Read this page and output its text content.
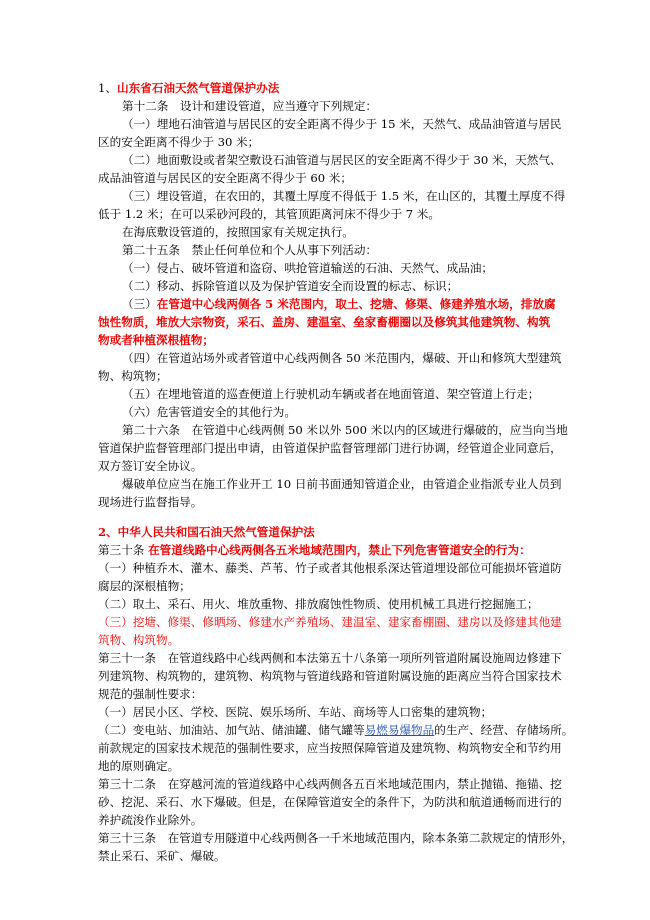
1、山东省石油天然气管道保护办法
第十二条　设计和建设管道，应当遵守下列规定：
（一）埋地石油管道与居民区的安全距离不得少于 15 米，天然气、成品油管道与居民
区的安全距离不得少于 30 米；
（二）地面敷设或者架空敷设石油管道与居民区的安全距离不得少于 30 米，天然气、
成品油管道与居民区的安全距离不得少于 60 米；
（三）埋设管道，在农田的，其覆土厚度不得低于 1.5 米，在山区的，其覆土厚度不得
低于 1.2 米；在可以采砂河段的，其管顶距离河床不得少于 7 米。
在海底敷设管道的，按照国家有关规定执行。
第二十五条　禁止任何单位和个人从事下列活动：
（一）侵占、破坏管道和盗窃、哄抢管道输送的石油、天然气、成品油；
（二）移动、拆除管道以及为保护管道安全而设置的标志、标识；
（三）在管道中心线两侧各 5 米范围内，取土、挖塘、修渠、修建养殖水场，排放腐
蚀性物质，堆放大宗物资，采石、盖房、建温室、垒家畜棚圈以及修筑其他建筑物、构筑
物或者种植深根植物；
（四）在管道站场外或者管道中心线两侧各 50 米范围内，爆破、开山和修筑大型建筑
物、构筑物；
（五）在埋地管道的巡查便道上行驶机动车辆或者在地面管道、架空管道上行走；
（六）危害管道安全的其他行为。
第二十六条　在管道中心线两侧 50 米以外 500 米以内的区域进行爆破的，应当向当地
管道保护监督管理部门提出申请，由管道保护监督管理部门进行协调，经管道企业同意后，
双方签订安全协议。
爆破单位应当在施工作业开工 10 日前书面通知管道企业，由管道企业指派专业人员到
现场进行监督指导。
2、中华人民共和国石油天然气管道保护法
第三十条 在管道线路中心线两侧各五米地域范围内，禁止下列危害管道安全的行为：
（一）种植乔木、灌木、藤类、芦苇、竹子或者其他根系深达管道埋设部位可能损坏管道防
腐层的深根植物；
（二）取土、采石、用火、堆放重物、排放腐蚀性物质、使用机械工具进行挖掘施工；
（三）挖塘、修渠、修晒场、修建水产养殖场、建温室、建家畜棚圈、建房以及修建其他建
筑物、构筑物。
第三十一条　在管道线路中心线两侧和本法第五十八条第一项所列管道附属设施周边修建下
列建筑物、构筑物的，建筑物、构筑物与管道线路和管道附属设施的距离应当符合国家技术
规范的强制性要求：
（一）居民小区、学校、医院、娱乐场所、车站、商场等人口密集的建筑物；
（二）变电站、加油站、加气站、储油罐、储气罐等易燃易爆物品的生产、经营、存储场所。
前款规定的国家技术规范的强制性要求，应当按照保障管道及建筑物、构筑物安全和节约用
地的原则确定。
第三十二条　在穿越河流的管道线路中心线两侧各五百米地域范围内，禁止抛锚、拖锚、挖
砂、挖泥、采石、水下爆破。但是，在保障管道安全的条件下，为防洪和航道通畅而进行的
养护疏浚作业除外。
第三十三条　在管道专用隧道中心线两侧各一千米地域范围内，除本条第二款规定的情形外，
禁止采石、采矿、爆破。
